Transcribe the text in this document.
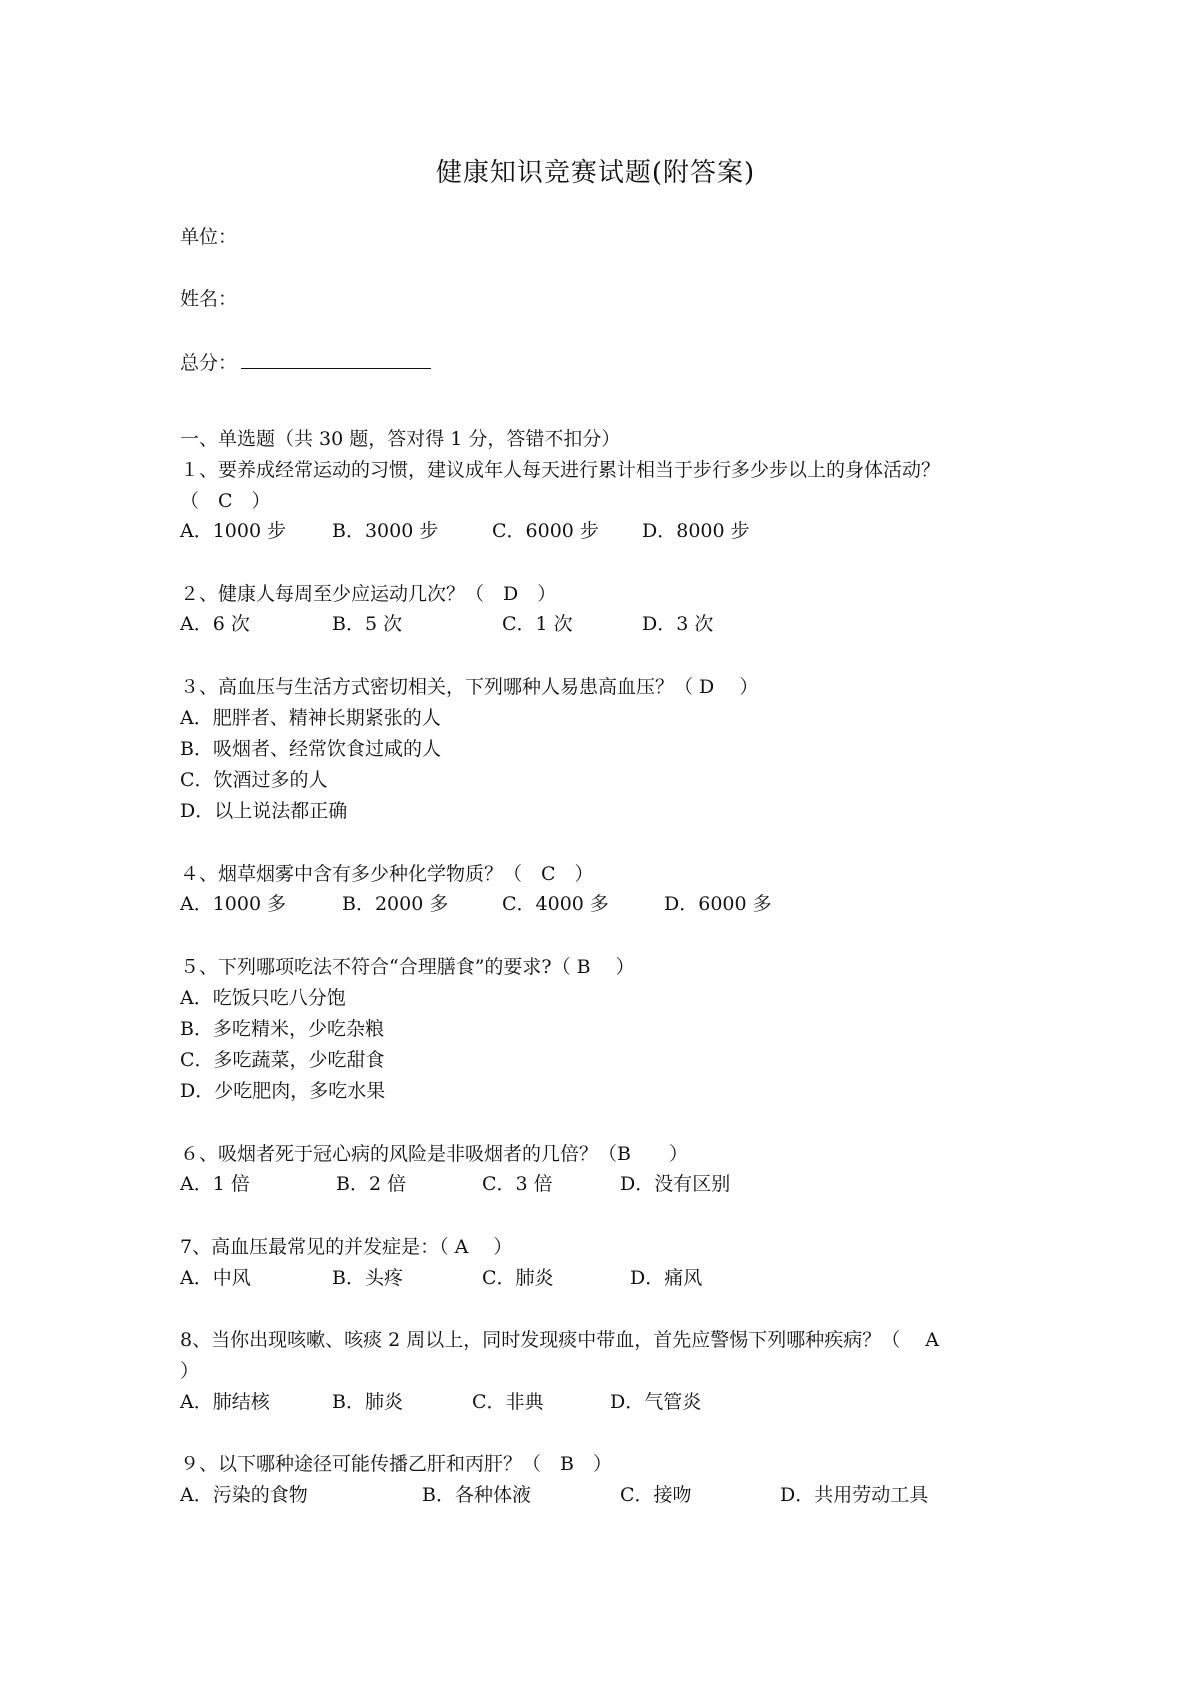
健康知识竞赛试题(附答案)
单位：
姓名：
总分：
一、单选题（共 30 题，答对得 1 分，答错不扣分）
１、要养成经常运动的习惯，建议成年人每天进行累计相当于步行多少步以上的身体活动？
（　C　）
A．1000 步 B．3000 步	C．6000 步 D．8000 步
２、健康人每周至少应运动几次？（　D　）
A．6 次	B．5 次	C．1 次	D．3 次
３、高血压与生活方式密切相关，下列哪种人易患高血压？（ D　 ）
A．肥胖者、精神长期紧张的人
B．吸烟者、经常饮食过咸的人
C．饮酒过多的人
D．以上说法都正确
４、烟草烟雾中含有多少种化学物质？（　C　）
A．1000 多	B．2000 多	C．4000 多	D．6000 多
５、下列哪项吃法不符合“合理膳食”的要求?（ B　 ）
A．吃饭只吃八分饱
B．多吃精米，少吃杂粮
C．多吃蔬菜，少吃甜食
D．少吃肥肉，多吃水果
６、吸烟者死于冠心病的风险是非吸烟者的几倍？（B　　）
A．1 倍	B．2 倍	C．3 倍	D．没有区别
7、高血压最常见的并发症是：（ A　 ）
A．中风	B．头疼	C．肺炎	D．痛风
8、当你出现咳嗽、咳痰 2 周以上，同时发现痰中带血，首先应警惕下列哪种疾病？（　 A
）
A．肺结核	B．肺炎	C．非典	D．气管炎
９、以下哪种途径可能传播乙肝和丙肝？（　B　）
A．污染的食物	B．各种体液	C．接吻	D．共用劳动工具
